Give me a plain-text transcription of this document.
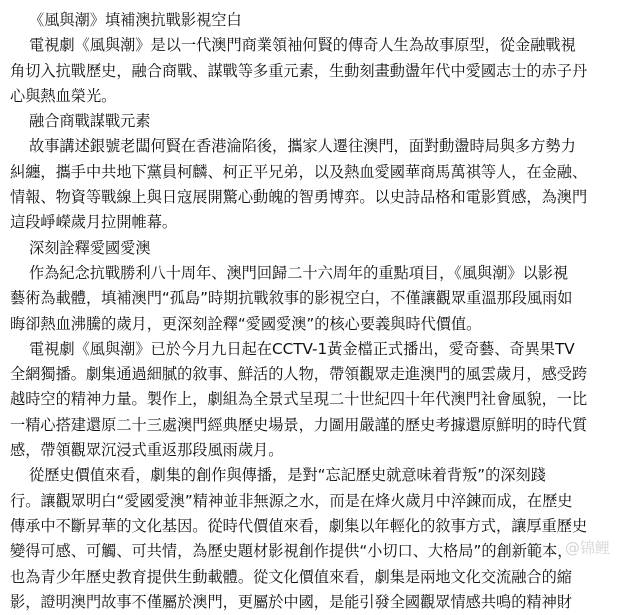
《風與潮》填補澳抗戰影視空白
電視劇《風與潮》是以一代澳門商業領袖何賢的傳奇人生為故事原型，從金融戰視
角切入抗戰歷史，融合商戰、謀戰等多重元素，生動刻畫動盪年代中愛國志士的赤子丹
心與熱血榮光。
融合商戰謀戰元素
故事講述銀號老闆何賢在香港淪陷後，攜家人遷往澳門，面對動盪時局與多方勢力
糾纏，攜手中共地下黨員柯麟、柯正平兄弟，以及熱血愛國華商馬萬祺等人，在金融、
情報、物資等戰線上與日寇展開驚心動魄的智勇博弈。以史詩品格和電影質感，為澳門
這段崢嶸歲月拉開帷幕。
深刻詮釋愛國愛澳
作為紀念抗戰勝利八十周年、澳門回歸二十六周年的重點項目，《風與潮》以影視
藝術為載體，填補澳門“孤島”時期抗戰敘事的影視空白，不僅讓觀眾重溫那段風雨如
晦卻熱血沸騰的歲月，更深刻詮釋“愛國愛澳”的核心要義與時代價值。
電視劇《風與潮》已於今月九日起在CCTV-1黃金檔正式播出，愛奇藝、奇異果TV
全網獨播。劇集通過細膩的敘事、鮮活的人物，帶領觀眾走進澳門的風雲歲月，感受跨
越時空的精神力量。製作上，劇組為全景式呈現二十世紀四十年代澳門社會風貌，一比
一精心搭建還原二十三處澳門經典歷史場景，力圖用嚴謹的歷史考據還原鮮明的時代質
感，帶領觀眾沉浸式重返那段風雨歲月。
從歷史價值來看，劇集的創作與傳播，是對“忘記歷史就意味着背叛”的深刻踐
行。讓觀眾明白“愛國愛澳”精神並非無源之水，而是在烽火歲月中淬鍊而成，在歷史
傳承中不斷昇華的文化基因。從時代價值來看，劇集以年輕化的敘事方式，讓厚重歷史
變得可感、可觸、可共情，為歷史題材影視創作提供“小切口、大格局”的創新範本，
也為青少年歷史教育提供生動載體。從文化價值來看，劇集是兩地文化交流融合的縮
影，證明澳門故事不僅屬於澳門，更屬於中國，是能引發全國觀眾情感共鳴的精神財
@锦鲤
